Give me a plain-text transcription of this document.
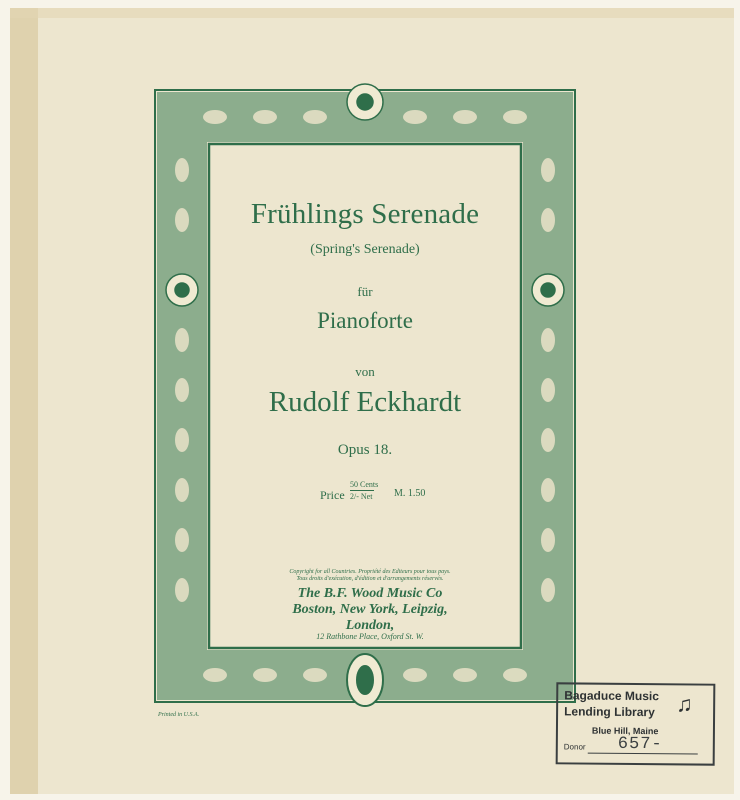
Frühlings Serenade
(Spring's Serenade)
für
Pianoforte
von
Rudolf Eckhardt
Opus 18.
Price
50 Cents
2/- Net	M. 1.50
Copyright for all Countries. Propriété des Editeurs pour tous pays.
Tous droits d'exécution, d'édition et d'arrangements réservés.
The B.F. Wood Music Co
Boston, New York, Leipzig,
London,
12 Rathbone Place, Oxford St. W.
Printed in U.S.A.
Bagaduce Music
Lending Library ♫
Blue Hill, Maine
657-
Donor
